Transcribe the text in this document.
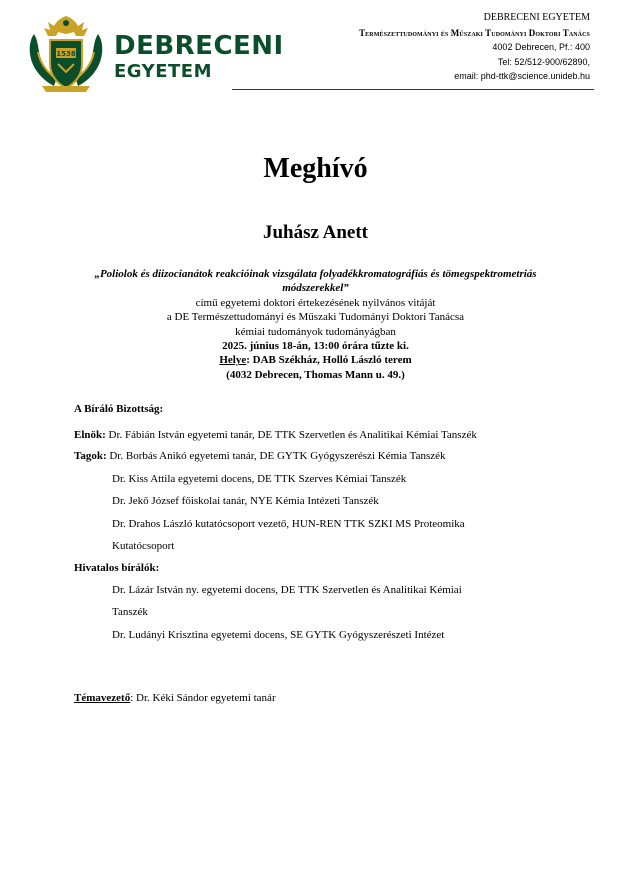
1538 DEBRECENI
EGYETEM
DEBRECENI EGYETEM
Természettudományi és Műszaki Tudományi Doktori Tanács
4002 Debrecen, Pf.: 400
Tel: 52/512-900/62890,
email: phd-ttk@science.unideb.hu
Meghívó
Juhász Anett
„Poliolok és diizocianátok reakcióinak vizsgálata folyadékkromatográfiás és tömegspektrometriás módszerekkel”
című egyetemi doktori értekezésének nyilvános vitáját
a DE Természettudományi és Műszaki Tudományi Doktori Tanácsa
kémiai tudományok tudományágban
2025. június 18-án, 13:00 órára tűzte ki.
Helye: DAB Székház, Holló László terem
(4032 Debrecen, Thomas Mann u. 49.)
A Bíráló Bizottság:
Elnök: Dr. Fábián István egyetemi tanár, DE TTK Szervetlen és Analitikai Kémiai Tanszék
Tagok: Dr. Borbás Anikó egyetemi tanár, DE GYTK Gyógyszerészi Kémia Tanszék
Dr. Kiss Attila egyetemi docens, DE TTK Szerves Kémiai Tanszék
Dr. Jekő József főiskolai tanár, NYE Kémia Intézeti Tanszék
Dr. Drahos László kutatócsoport vezető, HUN-REN TTK SZKI MS Proteomika
Kutatócsoport
Hivatalos bírálók:
Dr. Lázár István ny. egyetemi docens, DE TTK Szervetlen és Analitikai Kémiai
Tanszék
Dr. Ludányi Krisztina egyetemi docens, SE GYTK Gyógyszerészeti Intézet
Témavezető: Dr. Kéki Sándor egyetemi tanár
